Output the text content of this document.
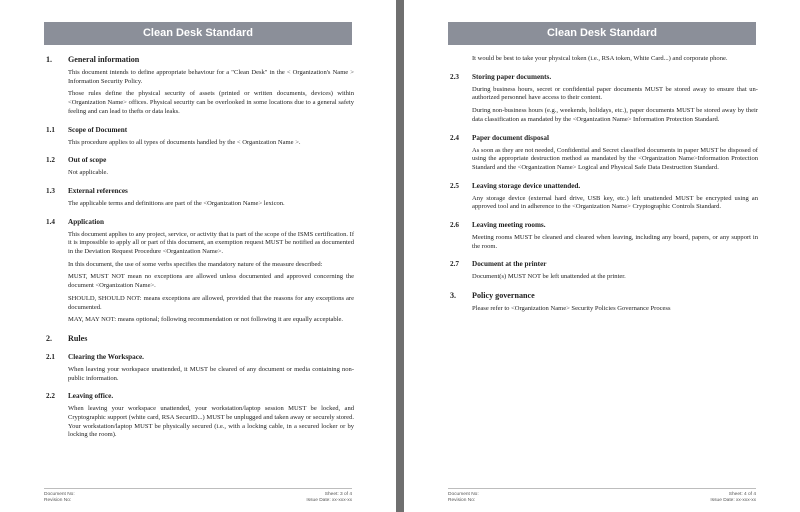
Clean Desk Standard
1. General information
This document intends to define appropriate behaviour for a "Clean Desk" in the < Organization's Name > Information Security Policy.
Those rules define the physical security of assets (printed or written documents, devices) within <Organization Name> offices. Physical security can be overlooked in some locations due to a general safety feeling and can lead to thefts or data leaks.
1.1 Scope of Document
This procedure applies to all types of documents handled by the < Organization Name >.
1.2 Out of scope
Not applicable.
1.3 External references
The applicable terms and definitions are part of the <Organization Name> lexicon.
1.4 Application
This document applies to any project, service, or activity that is part of the scope of the ISMS certification. If it is impossible to apply all or part of this document, an exemption request MUST be notified as documented in the Deviation Request Procedure <Organization Name>.
In this document, the use of some verbs specifies the mandatory nature of the measure described:
MUST, MUST NOT mean no exceptions are allowed unless documented and approved concerning the document <Organization Name>.
SHOULD, SHOULD NOT: means exceptions are allowed, provided that the reasons for any exceptions are documented.
MAY, MAY NOT: means optional; following recommendation or not following it are equally acceptable.
2. Rules
2.1 Clearing the Workspace.
When leaving your workspace unattended, it MUST be cleared of any document or media containing non-public information.
2.2 Leaving office.
When leaving your workspace unattended, your workstation/laptop session MUST be locked, and Cryptographic support (white card, RSA SecurID...) MUST be unplugged and taken away or securely stored. Your workstation/laptop MUST be physically secured (i.e., with a locking cable, in a secured locker or by locking the room).
Document No:	Sheet: 3 of 4
Revision No:	Issue Date: xx-xxx-xx
Clean Desk Standard
It would be best to take your physical token (i.e., RSA token, White Card...) and corporate phone.
2.3 Storing paper documents.
During business hours, secret or confidential paper documents MUST be stored away to ensure that un- authorized personnel have access to their content.
During non-business hours (e.g., weekends, holidays, etc.), paper documents MUST be stored away by their data classification as mandated by the <Organization Name> Information Protection Standard.
2.4 Paper document disposal
As soon as they are not needed, Confidential and Secret classified documents in paper MUST be disposed of using the appropriate destruction method as mandated by the <Organization Name>Information Protection Standard and the <Organization Name> Logical and Physical Safe Data Destruction Standard.
2.5 Leaving storage device unattended.
Any storage device (external hard drive, USB key, etc.) left unattended MUST be encrypted using an approved tool and in adherence to the <Organization Name> Cryptographic Controls Standard.
2.6 Leaving meeting rooms.
Meeting rooms MUST be cleaned and cleared when leaving, including any board, papers, or any support in the room.
2.7 Document at the printer
Document(s) MUST NOT be left unattended at the printer.
3. Policy governance
Please refer to <Organization Name> Security Policies Governance Process
Document No:	Sheet: 4 of 4
Revision No:	Issue Date: xx-xxx-xx
